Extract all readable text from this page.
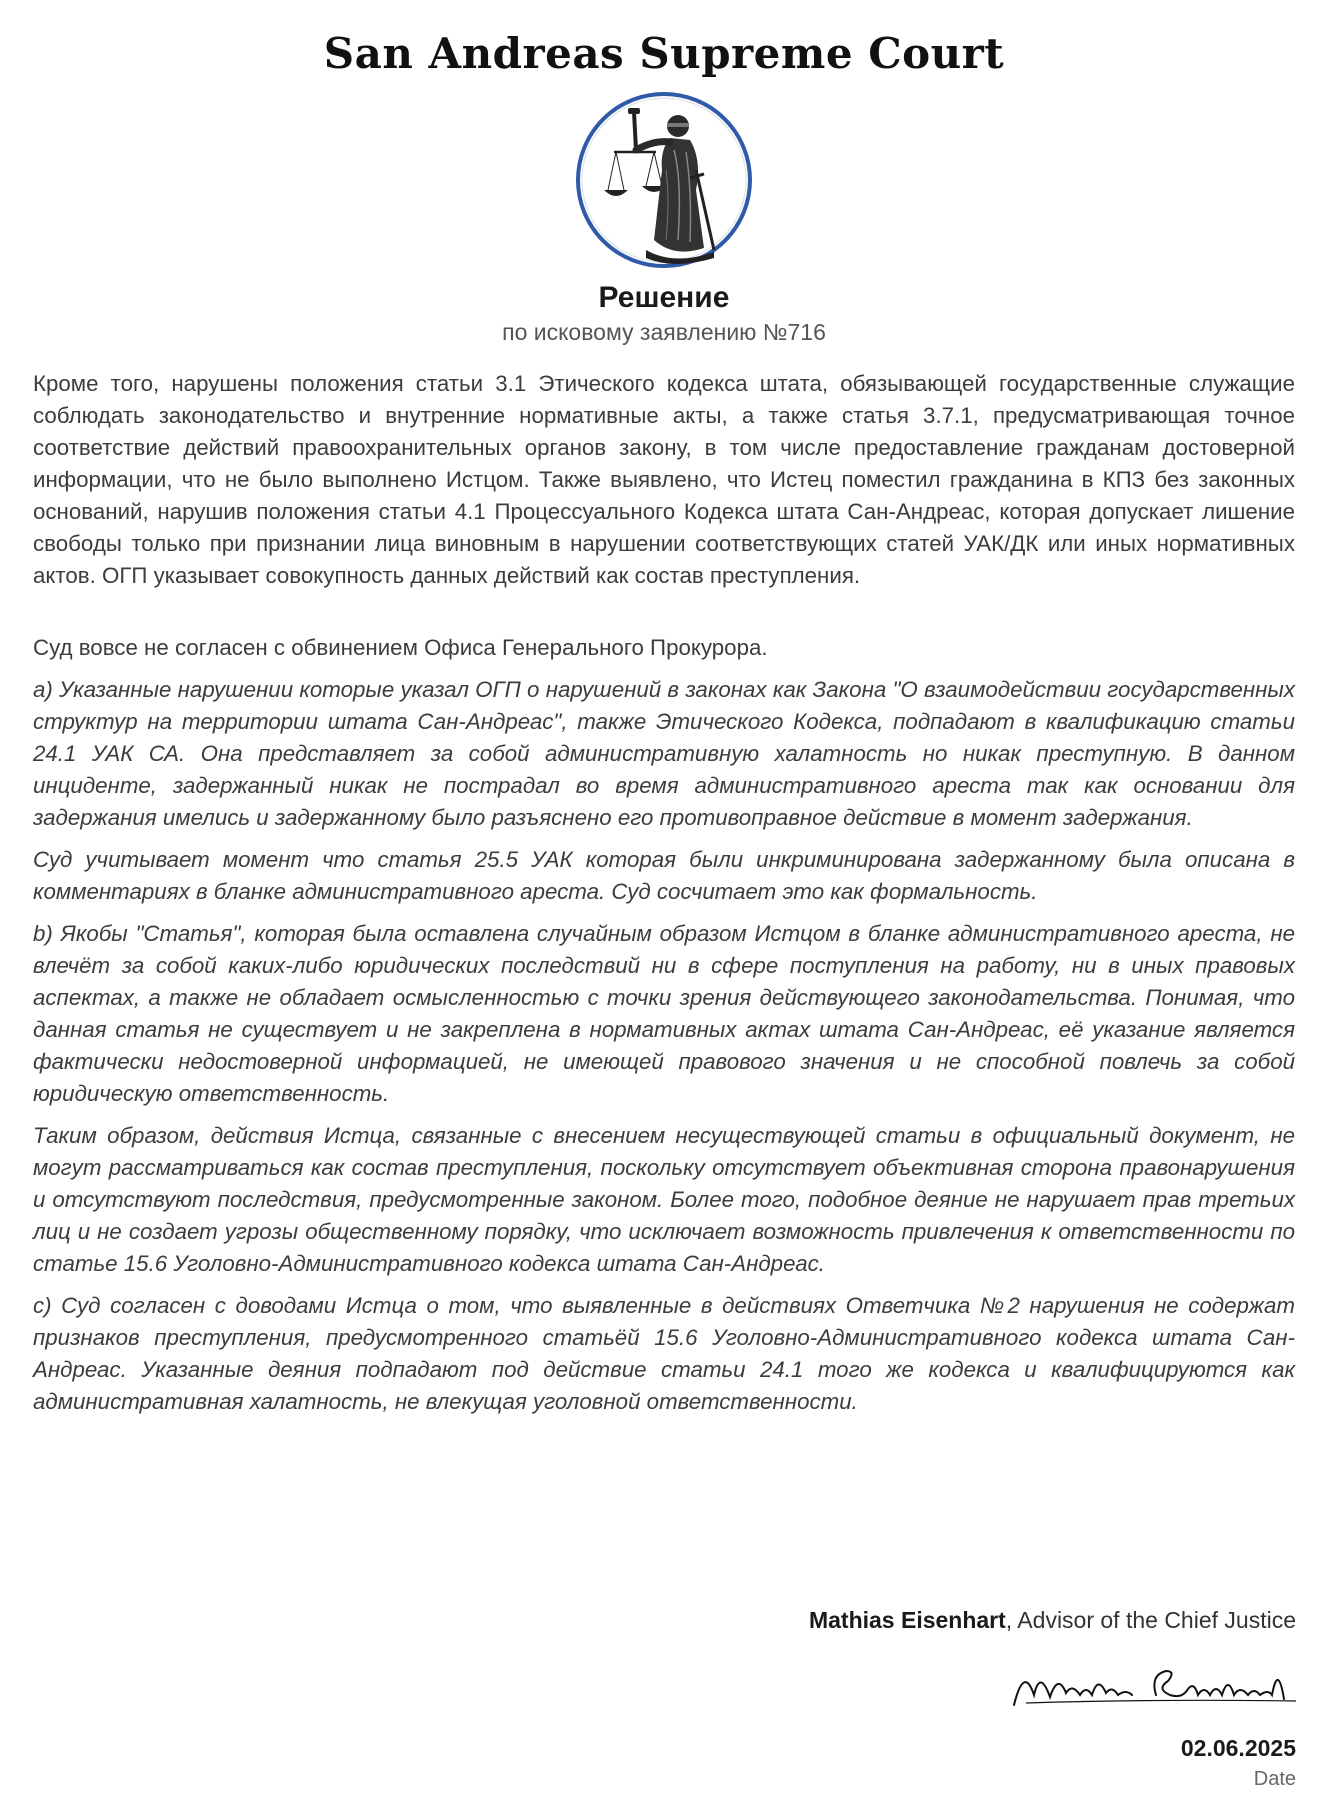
San Andreas Supreme Court
Решение
по исковому заявлению №716

Кроме того, нарушены положения статьи 3.1 Этического кодекса штата, обязывающей государственные служащие соблюдать законодательство и внутренние нормативные акты, а также статья 3.7.1, предусматривающая точное соответствие действий правоохранительных органов закону, в том числе предоставление гражданам достоверной информации, что не было выполнено Истцом. Также выявлено, что Истец поместил гражданина в КПЗ без законных оснований, нарушив положения статьи 4.1 Процессуального Кодекса штата Сан-Андреас, которая допускает лишение свободы только при признании лица виновным в нарушении соответствующих статей УАК/ДК или иных нормативных актов. ОГП указывает совокупность данных действий как состав преступления.

Суд вовсе не согласен с обвинением Офиса Генерального Прокурора.

a) Указанные нарушении которые указал ОГП о нарушений в законах как Закона "О взаимодействии государственных структур на территории штата Сан-Андреас", также Этического Кодекса, подпадают в квалификацию статьи 24.1 УАК СА. Она представляет за собой административную халатность но никак преступную. В данном инциденте, задержанный никак не пострадал во время административного ареста так как основании для задержания имелись и задержанному было разъяснено его противоправное действие в момент задержания.

Суд учитывает момент что статья 25.5 УАК которая были инкриминирована задержанному была описана в комментариях в бланке административного ареста. Суд сосчитает это как формальность.

b) Якобы "Статья", которая была оставлена случайным образом Истцом в бланке административного ареста, не влечёт за собой каких-либо юридических последствий ни в сфере поступления на работу, ни в иных правовых аспектах, а также не обладает осмысленностью с точки зрения действующего законодательства. Понимая, что данная статья не существует и не закреплена в нормативных актах штата Сан-Андреас, её указание является фактически недостоверной информацией, не имеющей правового значения и не способной повлечь за собой юридическую ответственность.

Таким образом, действия Истца, связанные с внесением несуществующей статьи в официальный документ, не могут рассматриваться как состав преступления, поскольку отсутствует объективная сторона правонарушения и отсутствуют последствия, предусмотренные законом. Более того, подобное деяние не нарушает прав третьих лиц и не создает угрозы общественному порядку, что исключает возможность привлечения к ответственности по статье 15.6 Уголовно-Административного кодекса штата Сан-Андреас.

c) Суд согласен с доводами Истца о том, что выявленные в действиях Ответчика №2 нарушения не содержат признаков преступления, предусмотренного статьёй 15.6 Уголовно-Административного кодекса штата Сан-Андреас. Указанные деяния подпадают под действие статьи 24.1 того же кодекса и квалифицируются как административная халатность, не влекущая уголовной ответственности.

Mathias Eisenhart, Advisor of the Chief Justice
02.06.2025
Date
